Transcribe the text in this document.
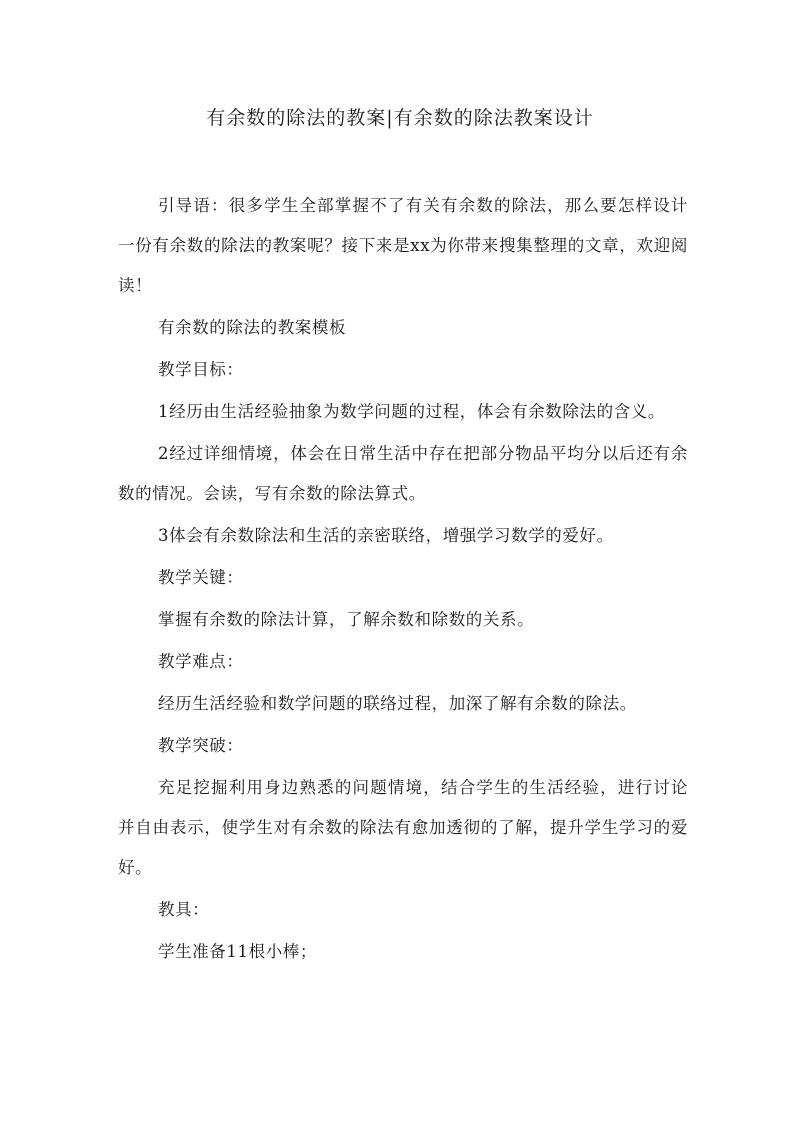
有余数的除法的教案|有余数的除法教案设计

引导语：很多学生全部掌握不了有关有余数的除法，那么要怎样设计一份有余数的除法的教案呢？接下来是xx为你带来搜集整理的文章，欢迎阅读！

有余数的除法的教案模板

教学目标：

1经历由生活经验抽象为数学问题的过程，体会有余数除法的含义。

2经过详细情境，体会在日常生活中存在把部分物品平均分以后还有余数的情况。会读，写有余数的除法算式。

3体会有余数除法和生活的亲密联络，增强学习数学的爱好。

教学关键：

掌握有余数的除法计算，了解余数和除数的关系。

教学难点：

经历生活经验和数学问题的联络过程，加深了解有余数的除法。

教学突破：

充足挖掘利用身边熟悉的问题情境，结合学生的生活经验，进行讨论并自由表示，使学生对有余数的除法有愈加透彻的了解，提升学生学习的爱好。

教具：

学生准备11根小棒；
